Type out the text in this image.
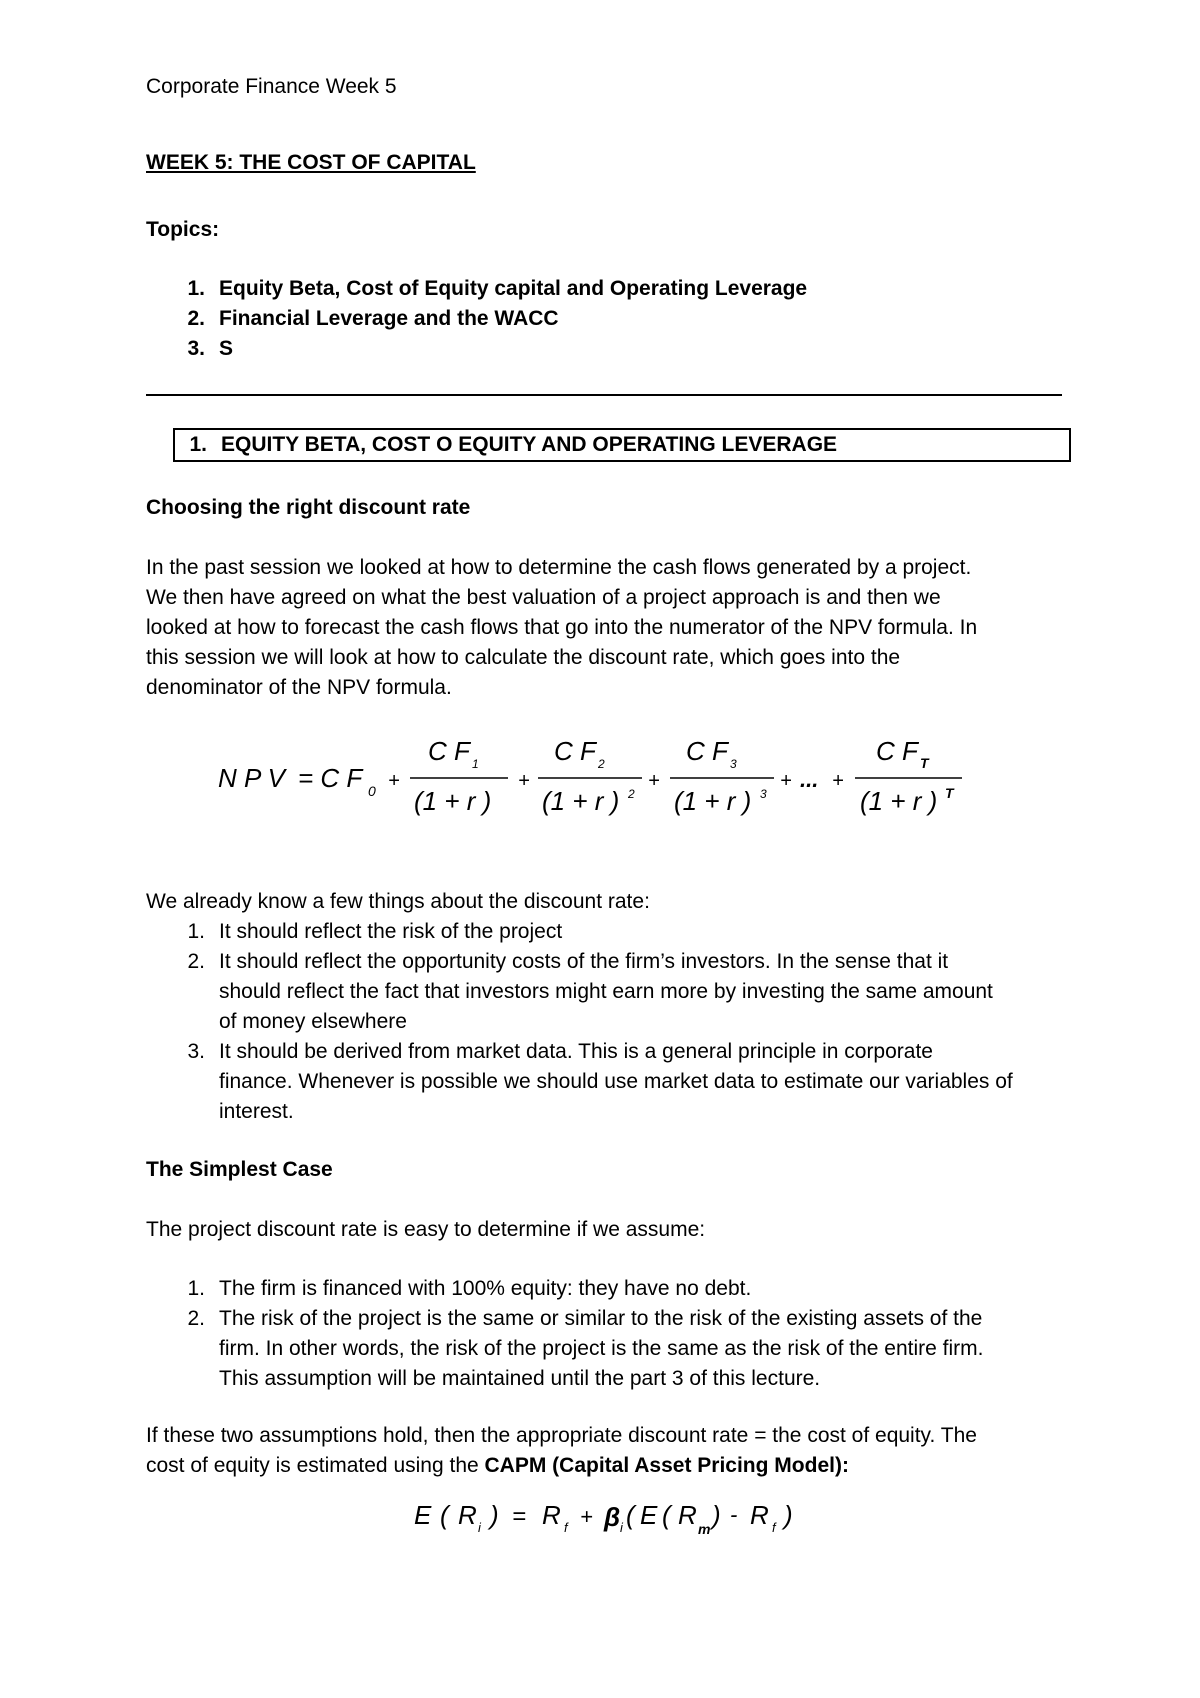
Corporate Finance Week 5
WEEK 5: THE COST OF CAPITAL
Topics:
1. Equity Beta, Cost of Equity capital and Operating Leverage
2. Financial Leverage and the WACC
3. S
1. EQUITY BETA, COST O EQUITY AND OPERATING LEVERAGE
Choosing the right discount rate
In the past session we looked at how to determine the cash flows generated by a project.
We then have agreed on what the best valuation of a project approach is and then we
looked at how to forecast the cash flows that go into the numerator of the NPV formula. In
this session we will look at how to calculate the discount rate, which goes into the
denominator of the NPV formula.
N P V = C F 0 +
C F 1
(1 + r )
+
C F 2
(1 + r ) 2
+
C F 3
(1 + r ) 3
+ ... +
C F T
(1 + r ) T
We already know a few things about the discount rate:
1. It should reflect the risk of the project
2. It should reflect the opportunity costs of the firm’s investors. In the sense that it
should reflect the fact that investors might earn more by investing the same amount
of money elsewhere
3. It should be derived from market data. This is a general principle in corporate
finance. Whenever is possible we should use market data to estimate our variables of
interest.
The Simplest Case
The project discount rate is easy to determine if we assume:
1. The firm is financed with 100% equity: they have no debt.
2. The risk of the project is the same or similar to the risk of the existing assets of the
firm. In other words, the risk of the project is the same as the risk of the entire firm.
This assumption will be maintained until the part 3 of this lecture.
If these two assumptions hold, then the appropriate discount rate = the cost of equity. The
cost of equity is estimated using the CAPM (Capital Asset Pricing Model):
E ( R i ) = R f + β i ( E ( R m ) - R f )
